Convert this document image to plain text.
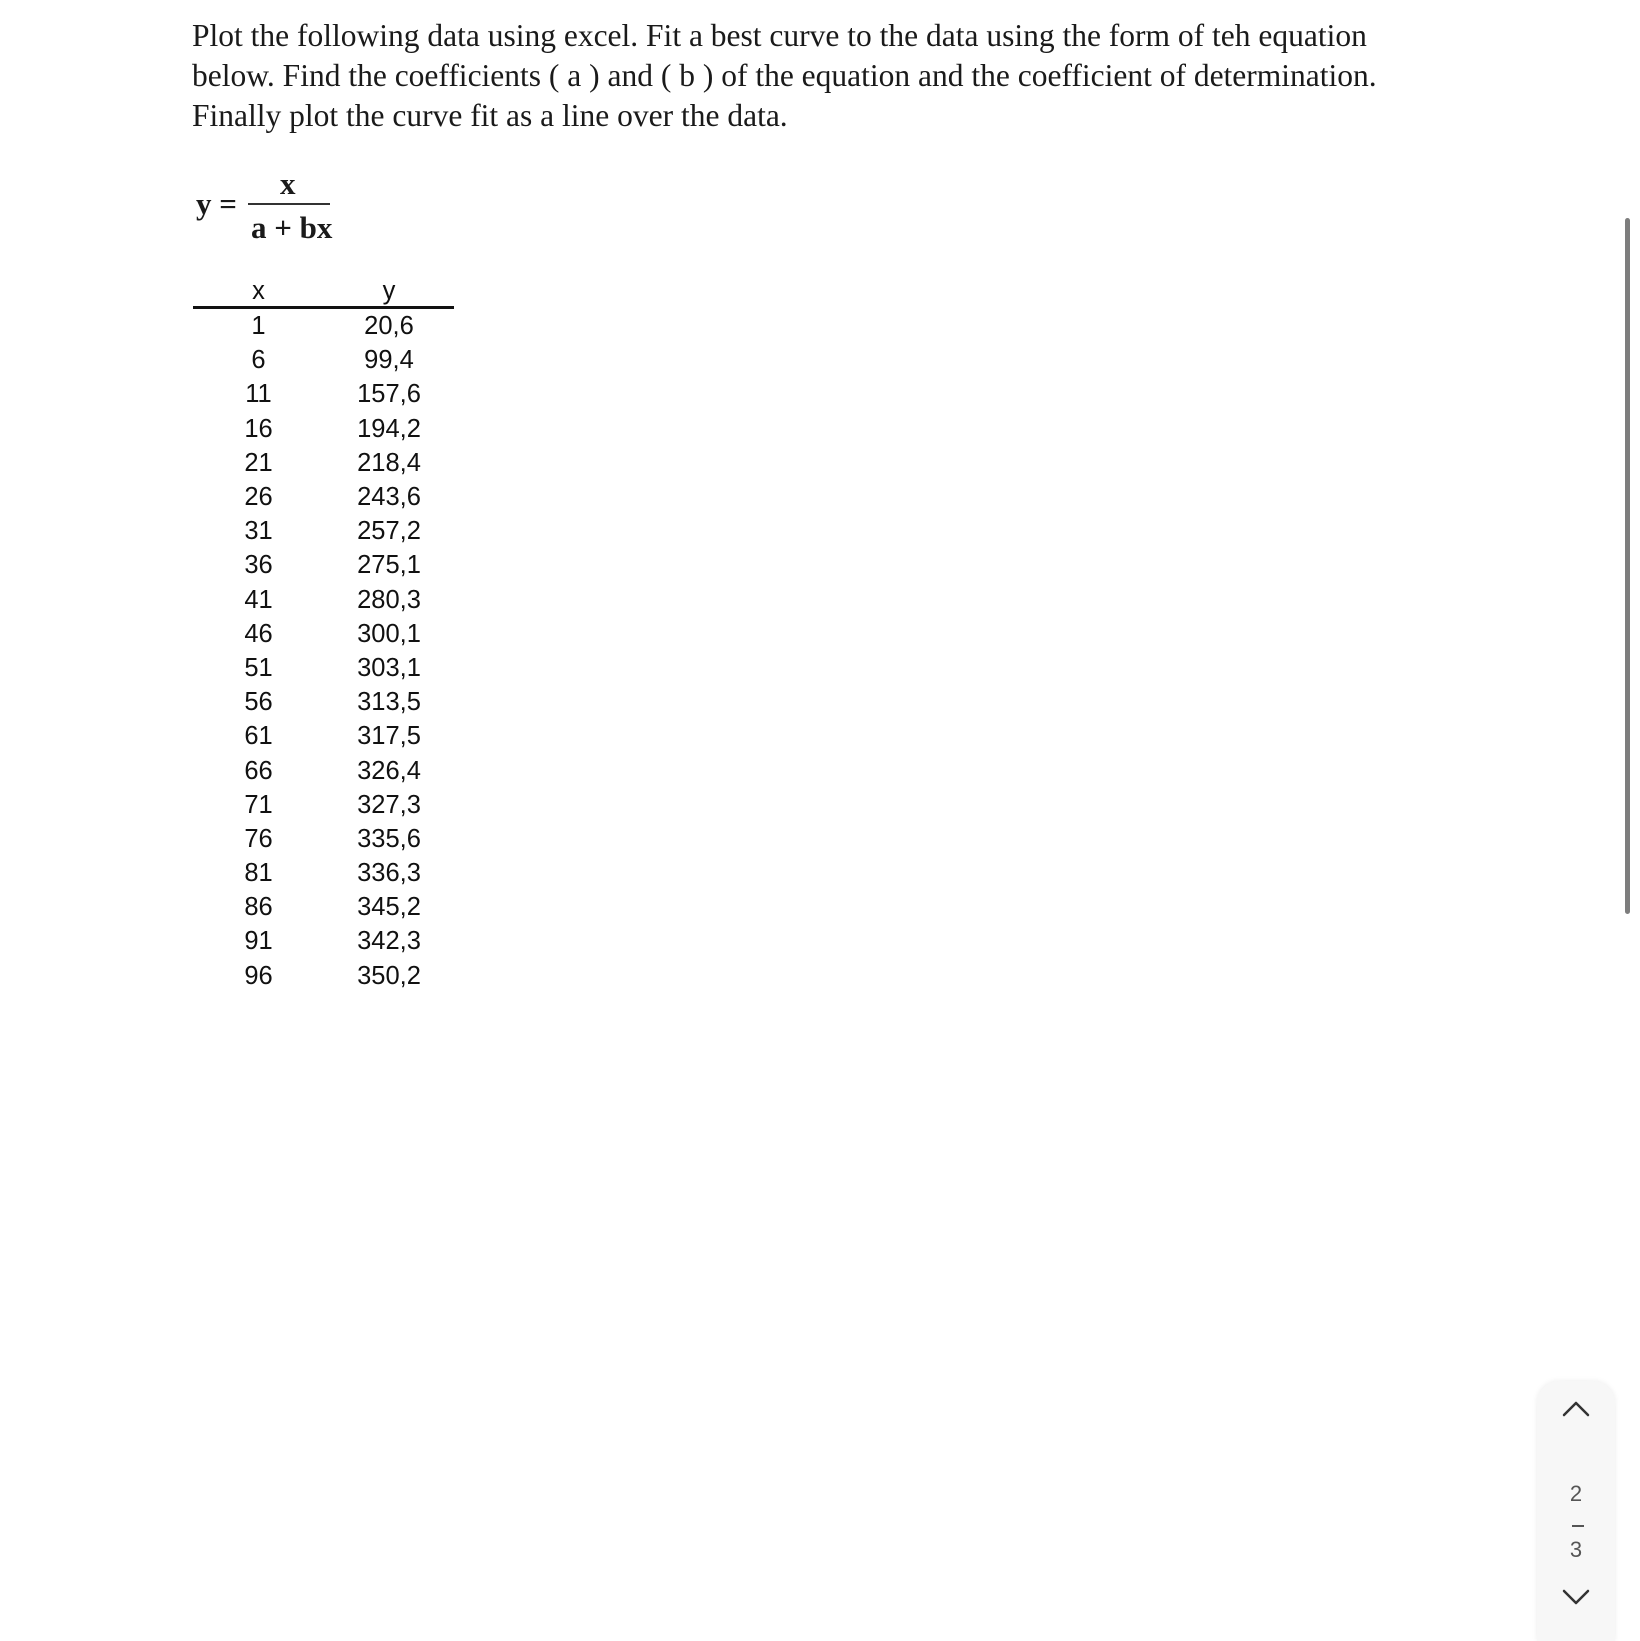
Plot the following data using excel. Fit a best curve to the data using the form of teh equation
below. Find the coefficients ( a ) and ( b ) of the equation and the coefficient of determination.
Finally plot the curve fit as a line over the data.
y =
x
a + bx
x	y
1	20,6
6	99,4
11	157,6
16	194,2
21	218,4
26	243,6
31	257,2
36	275,1
41	280,3
46	300,1
51	303,1
56	313,5
61	317,5
66	326,4
71	327,3
76	335,6
81	336,3
86	345,2
91	342,3
96	350,2
2
3
